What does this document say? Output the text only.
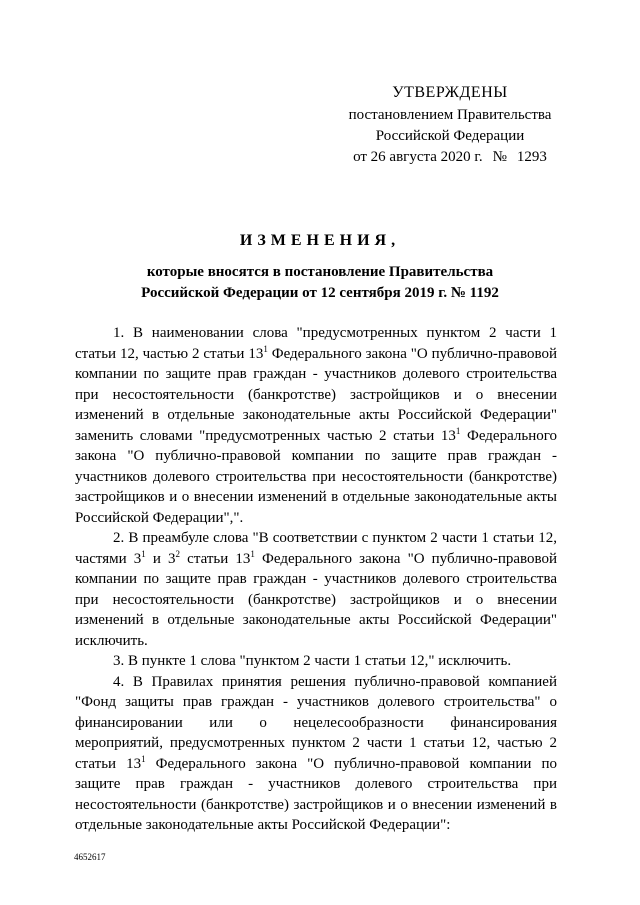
УТВЕРЖДЕНЫ
постановлением Правительства
Российской Федерации
от 26 августа 2020 г. № 1293
ИЗМЕНЕНИЯ,
которые вносятся в постановление Правительства
Российской Федерации от 12 сентября 2019 г. № 1192

1. В наименовании слова "предусмотренных пунктом 2 части 1 статьи 12, частью 2 статьи $13^1$ Федерального закона "О публично-правовой компании по защите прав граждан - участников долевого строительства при несостоятельности (банкротстве) застройщиков и о внесении изменений в отдельные законодательные акты Российской Федерации" заменить словами "предусмотренных частью 2 статьи $13^1$ Федерального закона "О публично-правовой компании по защите прав граждан - участников долевого строительства при несостоятельности (банкротстве) застройщиков и о внесении изменений в отдельные законодательные акты Российской Федерации",".

2. В преамбуле слова "В соответствии с пунктом 2 части 1 статьи 12, частями $3^1$ и $3^2$ статьи $13^1$ Федерального закона "О публично-правовой компании по защите прав граждан - участников долевого строительства при несостоятельности (банкротстве) застройщиков и о внесении изменений в отдельные законодательные акты Российской Федерации" исключить.

3. В пункте 1 слова "пунктом 2 части 1 статьи 12," исключить.

4. В Правилах принятия решения публично-правовой компанией "Фонд защиты прав граждан - участников долевого строительства" о финансировании или о нецелесообразности финансирования мероприятий, предусмотренных пунктом 2 части 1 статьи 12, частью 2 статьи $13^1$ Федерального закона "О публично-правовой компании по защите прав граждан - участников долевого строительства при несостоятельности (банкротстве) застройщиков и о внесении изменений в отдельные законодательные акты Российской Федерации":

4652617
